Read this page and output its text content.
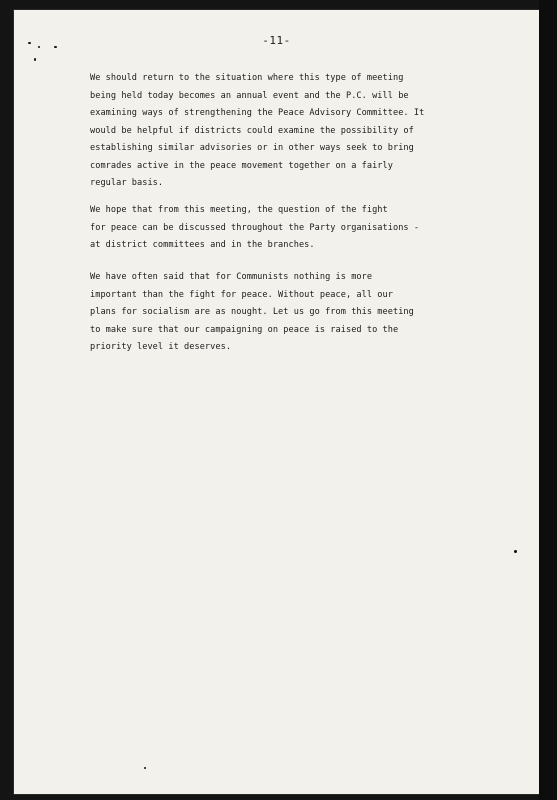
-11-

We should return to the situation where this type of meeting
being held today becomes an annual event and the P.C. will be
examining ways of strengthening the Peace Advisory Committee. It
would be helpful if districts could examine the possibility of
establishing similar advisories or in other ways seek to bring
comrades active in the peace movement together on a fairly
regular basis.

We hope that from this meeting, the question of the fight
for peace can be discussed throughout the Party organisations -
at district committees and in the branches.

We have often said that for Communists nothing is more
important than the fight for peace. Without peace, all our
plans for socialism are as nought. Let us go from this meeting
to make sure that our campaigning on peace is raised to the
priority level it deserves.
